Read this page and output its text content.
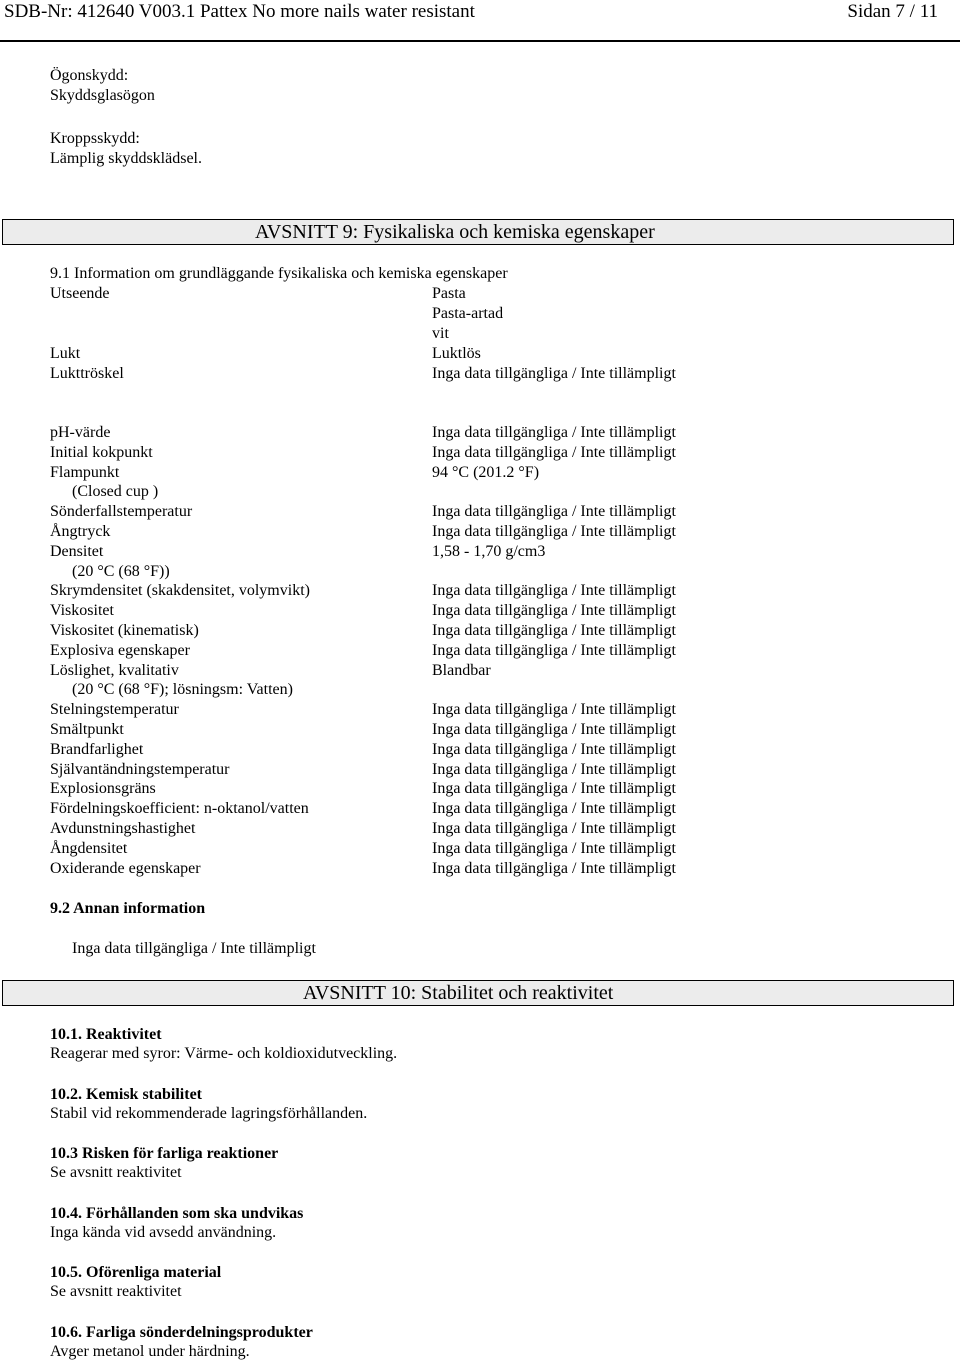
SDB-Nr: 412640 V003.1 Pattex No more nails water resistant	Sidan 7 / 11
Ögonskydd:
Skyddsglasögon
Kroppsskydd:
Lämplig skyddsklädsel.
AVSNITT 9: Fysikaliska och kemiska egenskaper
9.1 Information om grundläggande fysikaliska och kemiska egenskaper
Utseende	Pasta
Pasta-artad
vit
Lukt	Luktlös
Lukttröskel	Inga data tillgängliga / Inte tillämpligt
pH-värde	Inga data tillgängliga / Inte tillämpligt
Initial kokpunkt	Inga data tillgängliga / Inte tillämpligt
Flampunkt	94 °C (201.2 °F)
(Closed cup )
Sönderfallstemperatur	Inga data tillgängliga / Inte tillämpligt
Ångtryck	Inga data tillgängliga / Inte tillämpligt
Densitet	1,58 - 1,70 g/cm3
(20 °C (68 °F))
Skrymdensitet (skakdensitet, volymvikt)	Inga data tillgängliga / Inte tillämpligt
Viskositet	Inga data tillgängliga / Inte tillämpligt
Viskositet (kinematisk)	Inga data tillgängliga / Inte tillämpligt
Explosiva egenskaper	Inga data tillgängliga / Inte tillämpligt
Löslighet, kvalitativ	Blandbar
(20 °C (68 °F); lösningsm: Vatten)
Stelningstemperatur	Inga data tillgängliga / Inte tillämpligt
Smältpunkt	Inga data tillgängliga / Inte tillämpligt
Brandfarlighet	Inga data tillgängliga / Inte tillämpligt
Självantändningstemperatur	Inga data tillgängliga / Inte tillämpligt
Explosionsgräns	Inga data tillgängliga / Inte tillämpligt
Fördelningskoefficient: n-oktanol/vatten	Inga data tillgängliga / Inte tillämpligt
Avdunstningshastighet	Inga data tillgängliga / Inte tillämpligt
Ångdensitet	Inga data tillgängliga / Inte tillämpligt
Oxiderande egenskaper	Inga data tillgängliga / Inte tillämpligt
9.2 Annan information
Inga data tillgängliga / Inte tillämpligt
AVSNITT 10: Stabilitet och reaktivitet
10.1. Reaktivitet
Reagerar med syror: Värme- och koldioxidutveckling.
10.2. Kemisk stabilitet
Stabil vid rekommenderade lagringsförhållanden.
10.3 Risken för farliga reaktioner
Se avsnitt reaktivitet
10.4. Förhållanden som ska undvikas
Inga kända vid avsedd användning.
10.5. Oförenliga material
Se avsnitt reaktivitet
10.6. Farliga sönderdelningsprodukter
Avger metanol under härdning.
